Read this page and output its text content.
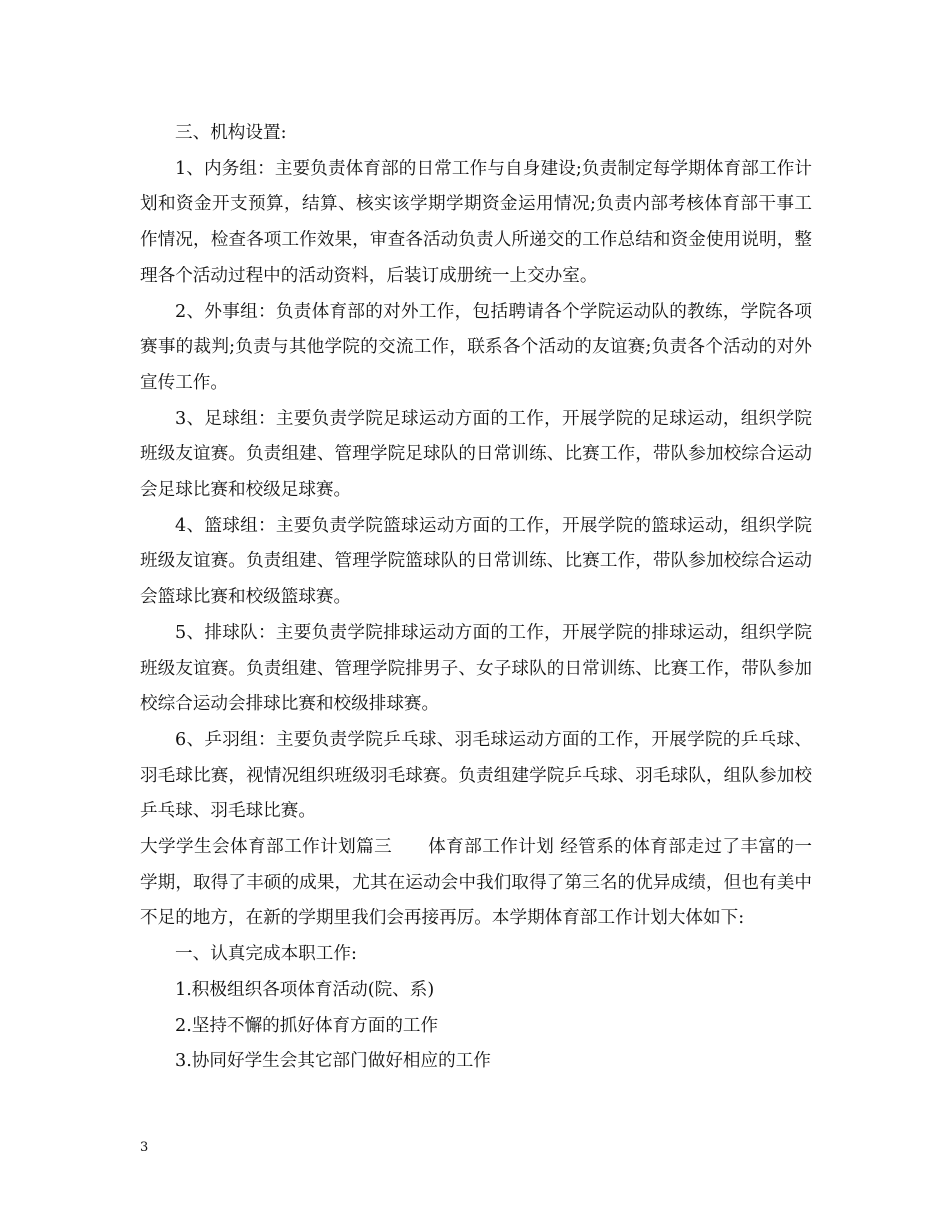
三、机构设置:

1、内务组：主要负责体育部的日常工作与自身建设;负责制定每学期体育部工作计划和资金开支预算，结算、核实该学期学期资金运用情况;负责内部考核体育部干事工作情况，检查各项工作效果，审查各活动负责人所递交的工作总结和资金使用说明，整理各个活动过程中的活动资料，后装订成册统一上交办室。

2、外事组：负责体育部的对外工作，包括聘请各个学院运动队的教练，学院各项赛事的裁判;负责与其他学院的交流工作，联系各个活动的友谊赛;负责各个活动的对外宣传工作。

3、足球组：主要负责学院足球运动方面的工作，开展学院的足球运动，组织学院班级友谊赛。负责组建、管理学院足球队的日常训练、比赛工作，带队参加校综合运动会足球比赛和校级足球赛。

4、篮球组：主要负责学院篮球运动方面的工作，开展学院的篮球运动，组织学院班级友谊赛。负责组建、管理学院篮球队的日常训练、比赛工作，带队参加校综合运动会篮球比赛和校级篮球赛。

5、排球队：主要负责学院排球运动方面的工作，开展学院的排球运动，组织学院班级友谊赛。负责组建、管理学院排男子、女子球队的日常训练、比赛工作，带队参加校综合运动会排球比赛和校级排球赛。

6、乒羽组：主要负责学院乒乓球、羽毛球运动方面的工作，开展学院的乒乓球、羽毛球比赛，视情况组织班级羽毛球赛。负责组建学院乒乓球、羽毛球队，组队参加校乒乓球、羽毛球比赛。

大学学生会体育部工作计划篇三　　体育部工作计划 经管系的体育部走过了丰富的一学期，取得了丰硕的成果，尤其在运动会中我们取得了第三名的优异成绩，但也有美中不足的地方，在新的学期里我们会再接再厉。本学期体育部工作计划大体如下:

一、认真完成本职工作:

1.积极组织各项体育活动(院、系)

2.坚持不懈的抓好体育方面的工作

3.协同好学生会其它部门做好相应的工作

3
